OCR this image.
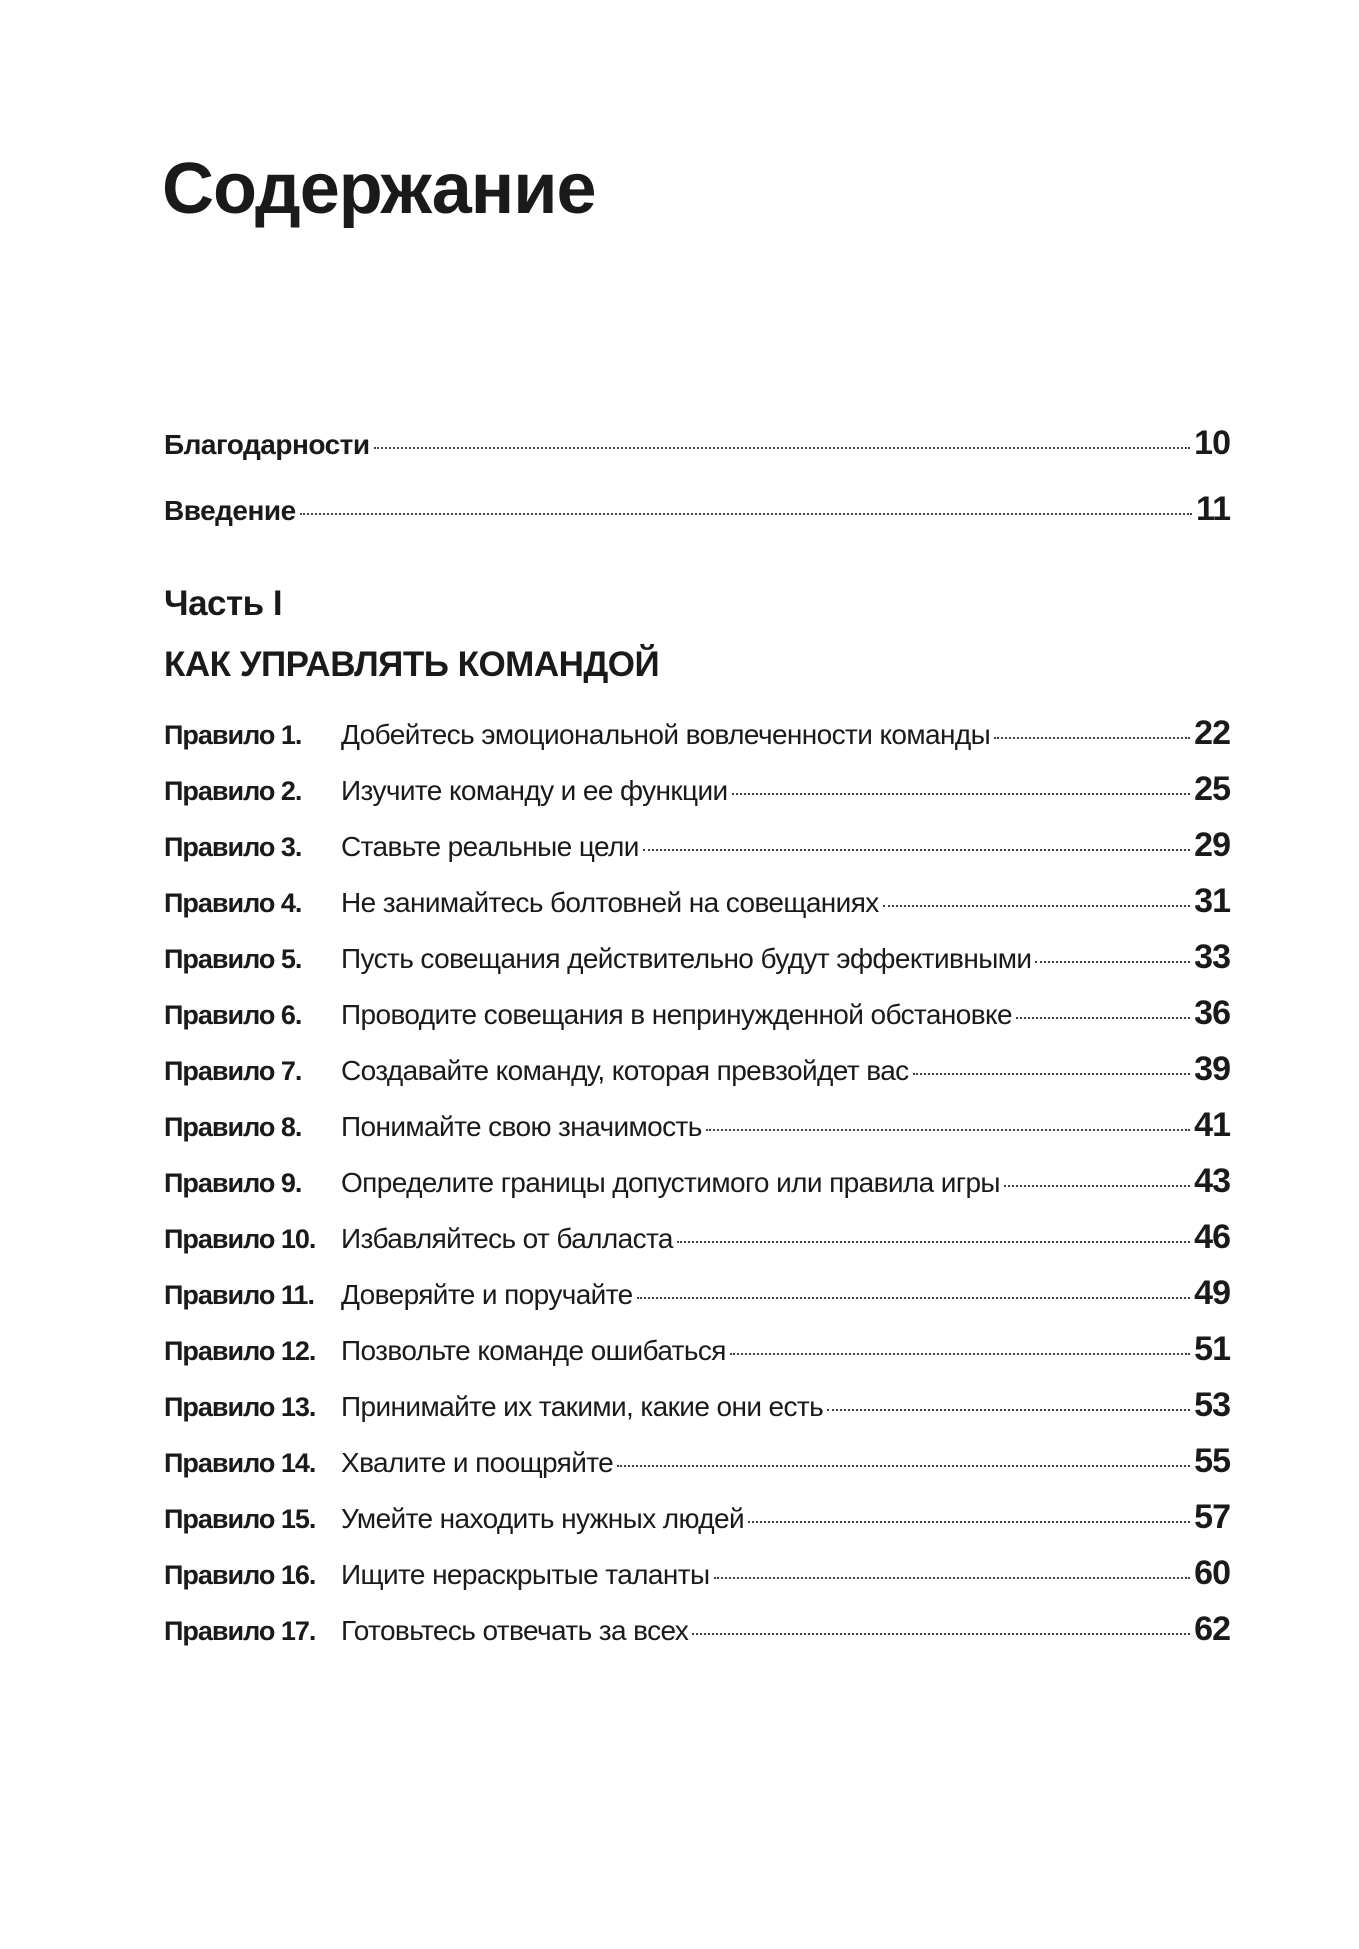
Содержание
Благодарности	10
Введение	11
Часть I
КАК УПРАВЛЯТЬ КОМАНДОЙ
Правило 1.	Добейтесь эмоциональной вовлеченности команды	22
Правило 2.	Изучите команду и ее функции	25
Правило 3.	Ставьте реальные цели	29
Правило 4.	Не занимайтесь болтовней на совещаниях	31
Правило 5.	Пусть совещания действительно будут эффективными	33
Правило 6.	Проводите совещания в непринужденной обстановке	36
Правило 7.	Создавайте команду, которая превзойдет вас	39
Правило 8.	Понимайте свою значимость	41
Правило 9.	Определите границы допустимого или правила игры	43
Правило 10. Избавляйтесь от балласта	46
Правило 11. Доверяйте и поручайте	49
Правило 12. Позвольте команде ошибаться	51
Правило 13. Принимайте их такими, какие они есть	53
Правило 14. Хвалите и поощряйте	55
Правило 15. Умейте находить нужных людей	57
Правило 16. Ищите нераскрытые таланты	60
Правило 17. Готовьтесь отвечать за всех	62
